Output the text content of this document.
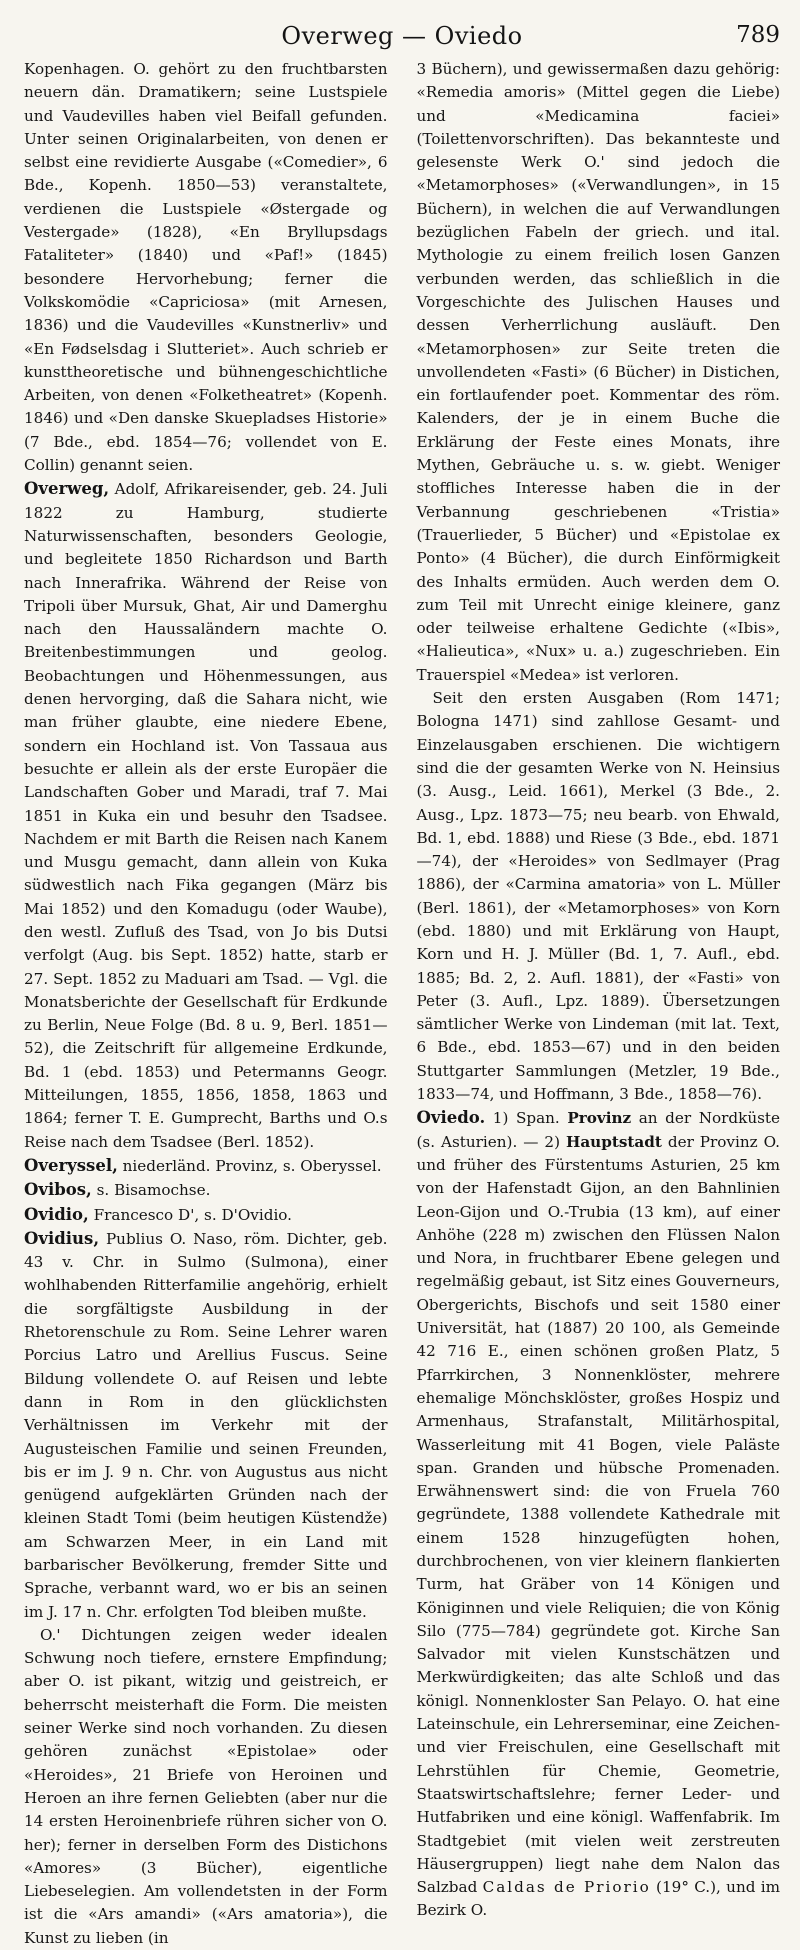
Overweg — Oviedo	789

Kopenhagen. O. gehört zu den fruchtbarsten neuern dän. Dramatikern; seine Lustspiele und Vaudevilles haben viel Beifall gefunden. Unter seinen Originalarbeiten, von denen er selbst eine revidierte Ausgabe («Comedier», 6 Bde., Kopenh. 1850—53) veranstaltete, verdienen die Lustspiele «Østergade og Vestergade» (1828), «En Bryllupsdags Fataliteter» (1840) und «Paf!» (1845) besondere Hervorhebung; ferner die Volkskomödie «Capriciosa» (mit Arnesen, 1836) und die Vaudevilles «Kunstnerliv» und «En Fødselsdag i Slutteriet». Auch schrieb er kunsttheoretische und bühnengeschichtliche Arbeiten, von denen «Folketheatret» (Kopenh. 1846) und «Den danske Skuepladses Historie» (7 Bde., ebd. 1854—76; vollendet von E. Collin) genannt seien.

Overweg, Adolf, Afrikareisender, geb. 24. Juli 1822 zu Hamburg, studierte Naturwissenschaften, besonders Geologie, und begleitete 1850 Richardson und Barth nach Innerafrika. Während der Reise von Tripoli über Mursuk, Ghat, Air und Damerghu nach den Haussaländern machte O. Breitenbestimmungen und geolog. Beobachtungen und Höhenmessungen, aus denen hervorging, daß die Sahara nicht, wie man früher glaubte, eine niedere Ebene, sondern ein Hochland ist. Von Tassaua aus besuchte er allein als der erste Europäer die Landschaften Gober und Maradi, traf 7. Mai 1851 in Kuka ein und besuhr den Tsadsee. Nachdem er mit Barth die Reisen nach Kanem und Musgu gemacht, dann allein von Kuka südwestlich nach Fika gegangen (März bis Mai 1852) und den Komadugu (oder Waube), den westl. Zufluß des Tsad, von Jo bis Dutsi verfolgt (Aug. bis Sept. 1852) hatte, starb er 27. Sept. 1852 zu Maduari am Tsad. — Vgl. die Monatsberichte der Gesellschaft für Erdkunde zu Berlin, Neue Folge (Bd. 8 u. 9, Berl. 1851—52), die Zeitschrift für allgemeine Erdkunde, Bd. 1 (ebd. 1853) und Petermanns Geogr. Mitteilungen, 1855, 1856, 1858, 1863 und 1864; ferner T. E. Gumprecht, Barths und O.s Reise nach dem Tsadsee (Berl. 1852).

Overyssel, niederländ. Provinz, s. Oberyssel.

Ovibos, s. Bisamochse.

Ovidio, Francesco D', s. D'Ovidio.

Ovidius, Publius O. Naso, röm. Dichter, geb. 43 v. Chr. in Sulmo (Sulmona), einer wohlhabenden Ritterfamilie angehörig, erhielt die sorgfältigste Ausbildung in der Rhetorenschule zu Rom. Seine Lehrer waren Porcius Latro und Arellius Fuscus. Seine Bildung vollendete O. auf Reisen und lebte dann in Rom in den glücklichsten Verhältnissen im Verkehr mit der Augusteischen Familie und seinen Freunden, bis er im J. 9 n. Chr. von Augustus aus nicht genügend aufgeklärten Gründen nach der kleinen Stadt Tomi (beim heutigen Küstendže) am Schwarzen Meer, in ein Land mit barbarischer Bevölkerung, fremder Sitte und Sprache, verbannt ward, wo er bis an seinen im J. 17 n. Chr. erfolgten Tod bleiben mußte.

O.' Dichtungen zeigen weder idealen Schwung noch tiefere, ernstere Empfindung; aber O. ist pikant, witzig und geistreich, er beherrscht meisterhaft die Form. Die meisten seiner Werke sind noch vorhanden. Zu diesen gehören zunächst «Epistolae» oder «Heroides», 21 Briefe von Heroinen und Heroen an ihre fernen Geliebten (aber nur die 14 ersten Heroinenbriefe rühren sicher von O. her); ferner in derselben Form des Distichons «Amores» (3 Bücher), eigentliche Liebeselegien. Am vollendetsten in der Form ist die «Ars amandi» («Ars amatoria»), die Kunst zu lieben (in

3 Büchern), und gewissermaßen dazu gehörig: «Remedia amoris» (Mittel gegen die Liebe) und «Medicamina faciei» (Toilettenvorschriften). Das bekannteste und gelesenste Werk O.' sind jedoch die «Metamorphoses» («Verwandlungen», in 15 Büchern), in welchen die auf Verwandlungen bezüglichen Fabeln der griech. und ital. Mythologie zu einem freilich losen Ganzen verbunden werden, das schließlich in die Vorgeschichte des Julischen Hauses und dessen Verherrlichung ausläuft. Den «Metamorphosen» zur Seite treten die unvollendeten «Fasti» (6 Bücher) in Distichen, ein fortlaufender poet. Kommentar des röm. Kalenders, der je in einem Buche die Erklärung der Feste eines Monats, ihre Mythen, Gebräuche u. s. w. giebt. Weniger stoffliches Interesse haben die in der Verbannung geschriebenen «Tristia» (Trauerlieder, 5 Bücher) und «Epistolae ex Ponto» (4 Bücher), die durch Einförmigkeit des Inhalts ermüden. Auch werden dem O. zum Teil mit Unrecht einige kleinere, ganz oder teilweise erhaltene Gedichte («Ibis», «Halieutica», «Nux» u. a.) zugeschrieben. Ein Trauerspiel «Medea» ist verloren.

Seit den ersten Ausgaben (Rom 1471; Bologna 1471) sind zahllose Gesamt- und Einzelausgaben erschienen. Die wichtigern sind die der gesamten Werke von N. Heinsius (3. Ausg., Leid. 1661), Merkel (3 Bde., 2. Ausg., Lpz. 1873—75; neu bearb. von Ehwald, Bd. 1, ebd. 1888) und Riese (3 Bde., ebd. 1871—74), der «Heroides» von Sedlmayer (Prag 1886), der «Carmina amatoria» von L. Müller (Berl. 1861), der «Metamorphoses» von Korn (ebd. 1880) und mit Erklärung von Haupt, Korn und H. J. Müller (Bd. 1, 7. Aufl., ebd. 1885; Bd. 2, 2. Aufl. 1881), der «Fasti» von Peter (3. Aufl., Lpz. 1889). Übersetzungen sämtlicher Werke von Lindeman (mit lat. Text, 6 Bde., ebd. 1853—67) und in den beiden Stuttgarter Sammlungen (Metzler, 19 Bde., 1833—74, und Hoffmann, 3 Bde., 1858—76).

Oviedo. 1) Span. Provinz an der Nordküste (s. Asturien). — 2) Hauptstadt der Provinz O. und früher des Fürstentums Asturien, 25 km von der Hafenstadt Gijon, an den Bahnlinien Leon-Gijon und O.-Trubia (13 km), auf einer Anhöhe (228 m) zwischen den Flüssen Nalon und Nora, in fruchtbarer Ebene gelegen und regelmäßig gebaut, ist Sitz eines Gouverneurs, Obergerichts, Bischofs und seit 1580 einer Universität, hat (1887) 20 100, als Gemeinde 42 716 E., einen schönen großen Platz, 5 Pfarrkirchen, 3 Nonnenklöster, mehrere ehemalige Mönchsklöster, großes Hospiz und Armenhaus, Strafanstalt, Militärhospital, Wasserleitung mit 41 Bogen, viele Paläste span. Granden und hübsche Promenaden. Erwähnenswert sind: die von Fruela 760 gegründete, 1388 vollendete Kathedrale mit einem 1528 hinzugefügten hohen, durchbrochenen, von vier kleinern flankierten Turm, hat Gräber von 14 Königen und Königinnen und viele Reliquien; die von König Silo (775—784) gegründete got. Kirche San Salvador mit vielen Kunstschätzen und Merkwürdigkeiten; das alte Schloß und das königl. Nonnenkloster San Pelayo. O. hat eine Lateinschule, ein Lehrerseminar, eine Zeichen- und vier Freischulen, eine Gesellschaft mit Lehrstühlen für Chemie, Geometrie, Staatswirtschaftslehre; ferner Leder- und Hutfabriken und eine königl. Waffenfabrik. Im Stadtgebiet (mit vielen weit zerstreuten Häusergruppen) liegt nahe dem Nalon das Salzbad Caldas de Priorio (19° C.), und im Bezirk O.
